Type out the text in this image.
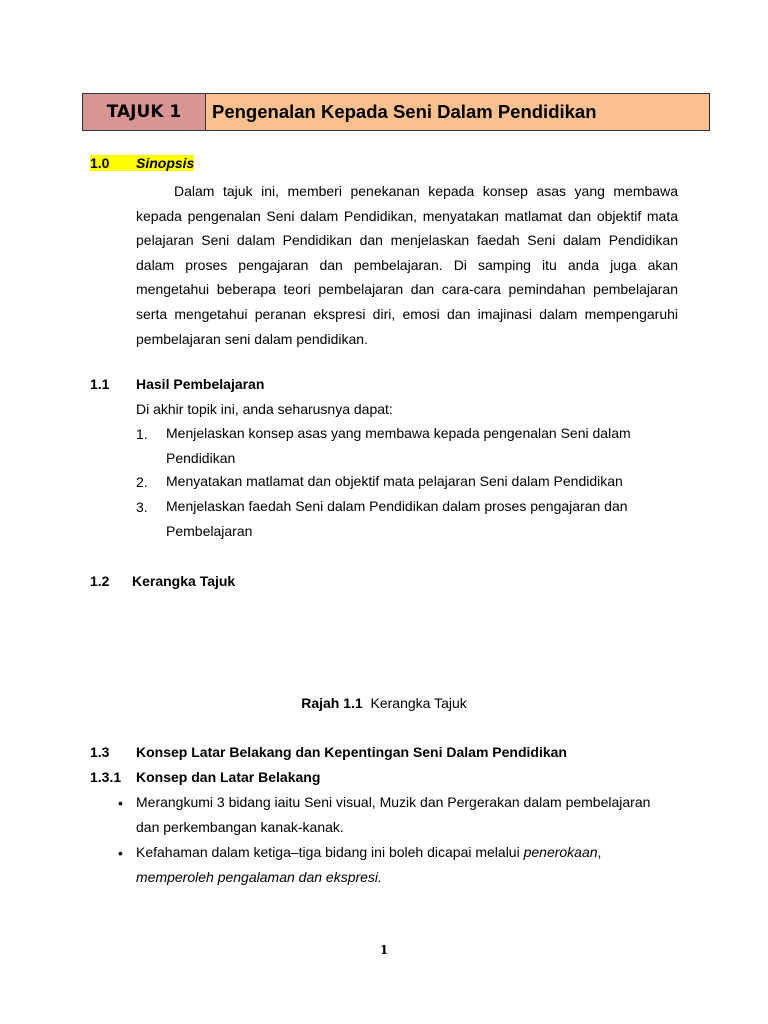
TAJUK 1	Pengenalan Kepada Seni Dalam Pendidikan
1.0	Sinopsis
Dalam tajuk ini, memberi penekanan kepada konsep asas yang membawa kepada pengenalan Seni dalam Pendidikan, menyatakan matlamat dan objektif mata pelajaran Seni dalam Pendidikan dan menjelaskan faedah Seni dalam Pendidikan dalam proses pengajaran dan pembelajaran. Di samping itu anda juga akan mengetahui beberapa teori pembelajaran dan cara-cara pemindahan pembelajaran serta mengetahui peranan ekspresi diri, emosi dan imajinasi dalam mempengaruhi pembelajaran seni dalam pendidikan.
1.1 Hasil Pembelajaran
Di akhir topik ini, anda seharusnya dapat:
1. Menjelaskan konsep asas yang membawa kepada pengenalan Seni dalam Pendidikan
2. Menyatakan matlamat dan objektif mata pelajaran Seni dalam Pendidikan
3. Menjelaskan faedah Seni dalam Pendidikan dalam proses pengajaran dan Pembelajaran
1.2 Kerangka Tajuk
Rajah 1.1 Kerangka Tajuk
1.3 Konsep Latar Belakang dan Kepentingan Seni Dalam Pendidikan
1.3.1 Konsep dan Latar Belakang
• Merangkumi 3 bidang iaitu Seni visual, Muzik dan Pergerakan dalam pembelajaran dan perkembangan kanak-kanak.
• Kefahaman dalam ketiga–tiga bidang ini boleh dicapai melalui penerokaan, memperoleh pengalaman dan ekspresi.
1
